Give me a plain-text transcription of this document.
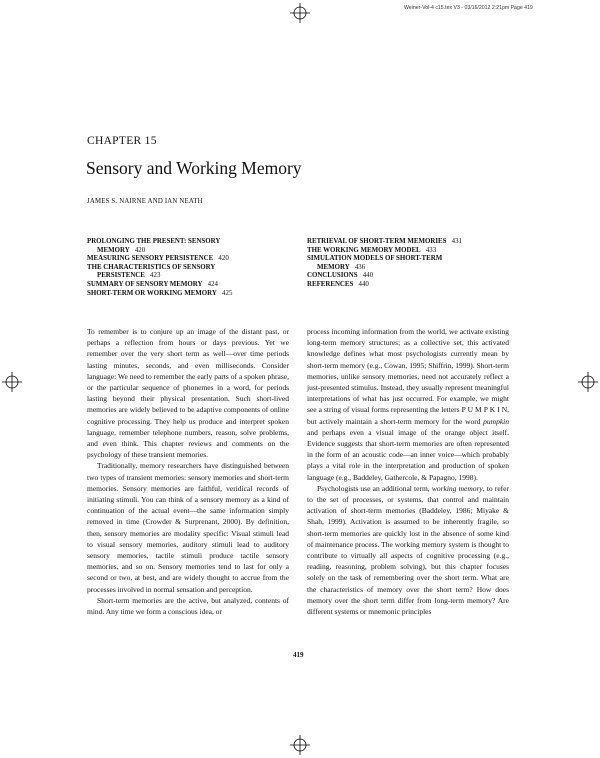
Weiner-Vol-4 c15.tex V3 - 03/16/2012 2:21pm Page 419
CHAPTER 15
Sensory and Working Memory
JAMES S. NAIRNE AND IAN NEATH
PROLONGING THE PRESENT: SENSORY
MEMORY 420
MEASURING SENSORY PERSISTENCE 420
THE CHARACTERISTICS OF SENSORY
PERSISTENCE 423
SUMMARY OF SENSORY MEMORY 424
SHORT-TERM OR WORKING MEMORY 425
RETRIEVAL OF SHORT-TERM MEMORIES 431
THE WORKING MEMORY MODEL 433
SIMULATION MODELS OF SHORT-TERM
MEMORY 436
CONCLUSIONS 440
REFERENCES 440

To remember is to conjure up an image of the distant past, or perhaps a reflection from hours or days previous. Yet we remember over the very short term as well—over time periods lasting minutes, seconds, and even milliseconds. Consider language: We need to remember the early parts of a spoken phrase, or the particular sequence of phonemes in a word, for periods lasting beyond their physical presentation. Such short-lived memories are widely believed to be adaptive components of online cognitive processing. They help us produce and interpret spoken language, remember telephone numbers, reason, solve problems, and even think. This chapter reviews and comments on the psychology of these transient memories.

Traditionally, memory researchers have distinguished between two types of transient memories: sensory memories and short-term memories. Sensory memories are faithful, veridical records of initiating stimuli. You can think of a sensory memory as a kind of continuation of the actual event—the same information simply removed in time (Crowder & Surprenant, 2000). By definition, then, sensory memories are modality specific: Visual stimuli lead to visual sensory memories, auditory stimuli lead to auditory sensory memories, tactile stimuli produce tactile sensory memories, and so on. Sensory memories tend to last for only a second or two, at best, and are widely thought to accrue from the processes involved in normal sensation and perception.

Short-term memories are the active, but analyzed, contents of mind. Any time we form a conscious idea, or

process incoming information from the world, we activate existing long-term memory structures; as a collective set, this activated knowledge defines what most psychologists currently mean by short-term memory (e.g., Cowan, 1995; Shiffrin, 1999). Short-term memories, unlike sensory memories, need not accurately reflect a just-presented stimulus. Instead, they usually represent meaningful interpretations of what has just occurred. For example, we might see a string of visual forms representing the letters P U M P K I N, but actively maintain a short-term memory for the word pumpkin and perhaps even a visual image of the orange object itself. Evidence suggests that short-term memories are often represented in the form of an acoustic code—an inner voice—which probably plays a vital role in the interpretation and production of spoken language (e.g., Baddeley, Gathercole, & Papagno, 1998).

Psychologists use an additional term, working memory, to refer to the set of processes, or systems, that control and maintain activation of short-term memories (Baddeley, 1986; Miyake & Shah, 1999). Activation is assumed to be inherently fragile, so short-term memories are quickly lost in the absence of some kind of maintenance process. The working memory system is thought to contribute to virtually all aspects of cognitive processing (e.g., reading, reasoning, problem solving), but this chapter focuses solely on the task of remembering over the short term. What are the characteristics of memory over the short term? How does memory over the short term differ from long-term memory? Are different systems or mnemonic principles

419
